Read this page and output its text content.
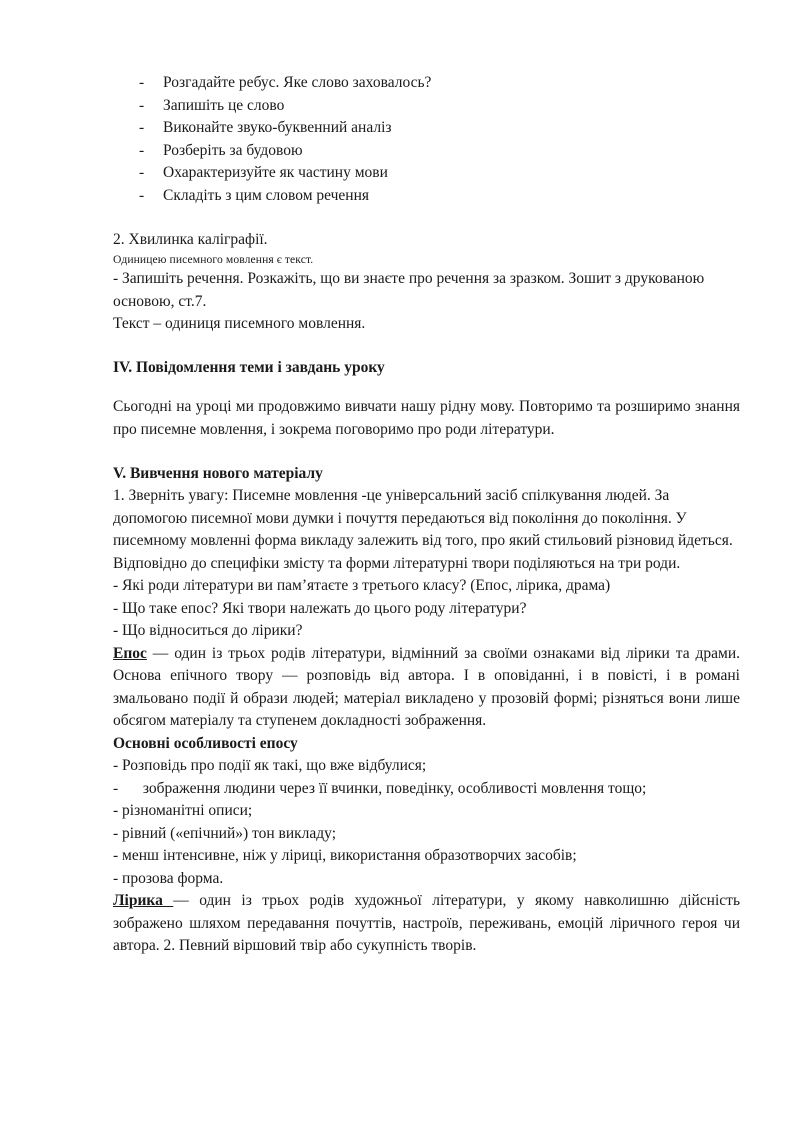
- Розгадайте ребус. Яке слово заховалось?
- Запишіть це слово
- Виконайте звуко-буквенний аналіз
- Розберіть за будовою
- Охарактеризуйте як частину мови
- Складіть з цим словом речення
2. Хвилинка каліграфії.
Одиницею писемного мовлення є текст.

- Запишіть речення. Розкажіть, що ви знаєте про речення за зразком. Зошит з друкованою основою, ст.7.

Текст – одиниця писемного мовлення.
IV. Повідомлення теми і завдань уроку

Сьогодні на уроці ми продовжимо вивчати нашу рідну мову. Повторимо та розширимо знання про писемне мовлення, і зокрема поговоримо про роди літератури.

V. Вивчення нового матеріалу

1. Зверніть увагу: Писемне мовлення -це універсальний засіб спілкування людей. За допомогою писемної мови думки і почуття передаються від покоління до покоління. У писемному мовленні форма викладу залежить від того, про який стильовий різновид йдеться. Відповідно до специфіки змісту та форми літературні твори поділяються на три роди.

- Які роди літератури ви пам’ятаєте з третього класу? (Епос, лірика, драма)

- Що таке епос? Які твори належать до цього роду літератури?

- Що відноситься до лірики?

Епос — один із трьох родів літератури, відмінний за своїми ознаками від лірики та драми. Основа епічного твору — розповідь від автора. І в оповіданні, і в повісті, і в романі змальовано події й образи людей; матеріал викладено у прозовій формі; різняться вони лише обсягом матеріалу та ступенем докладності зображення.

Основні особливості епосу

- Розповідь про події як такі, що вже відбулися;

- зображення людини через її вчинки, поведінку, особливості мовлення тощо;

- різноманітні описи;

- рівний («епічний») тон викладу;

- менш інтенсивне, ніж у ліриці, використання образотворчих засобів;

- прозова форма.

Лірика — один із трьох родів художньої літератури, у якому навколишню дійсність зображено шляхом передавання почуттів, настроїв, переживань, емоцій ліричного героя чи автора. 2. Певний віршовий твір або сукупність творів.
